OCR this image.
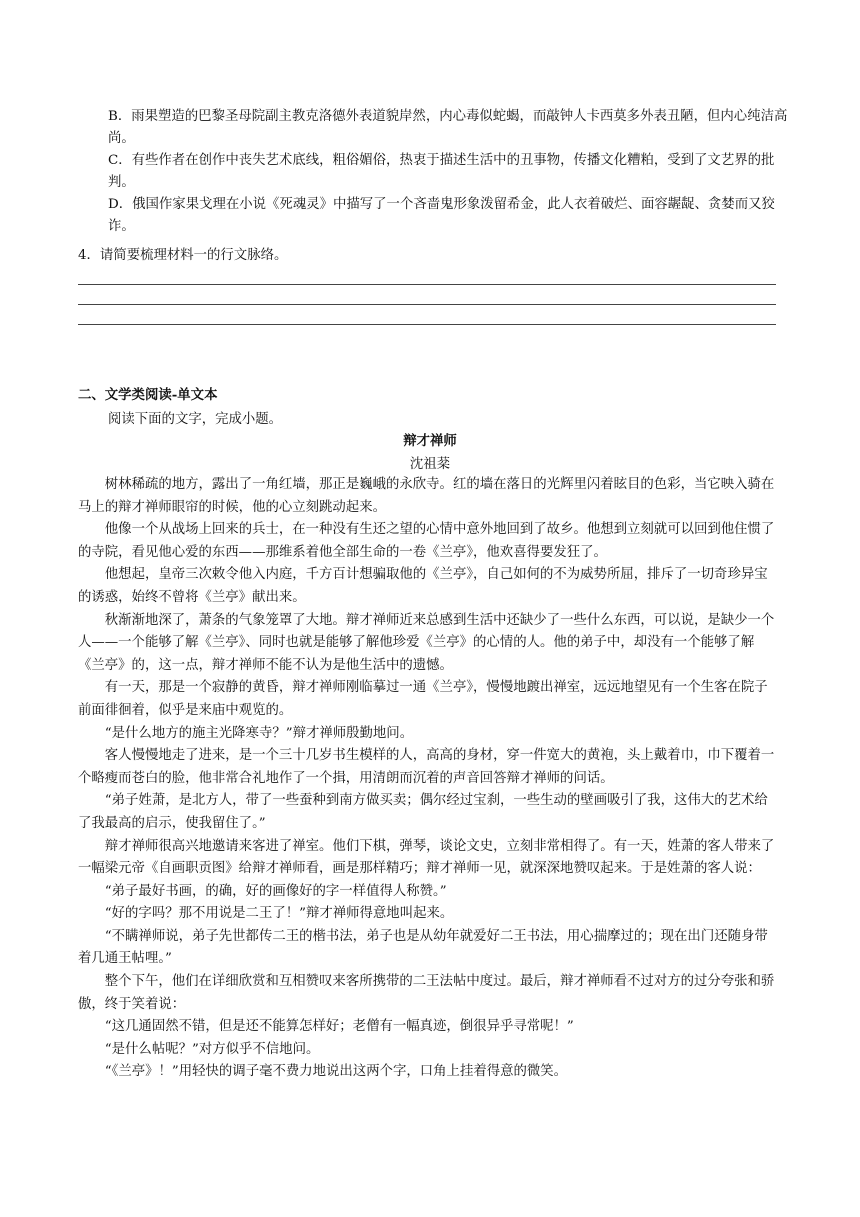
B．雨果塑造的巴黎圣母院副主教克洛德外表道貌岸然，内心毒似蛇蝎，而敲钟人卡西莫多外表丑陋，但内心纯洁高尚。
C．有些作者在创作中丧失艺术底线，粗俗媚俗，热衷于描述生活中的丑事物，传播文化糟粕，受到了文艺界的批判。
D．俄国作家果戈理在小说《死魂灵》中描写了一个吝啬鬼形象泼留希金，此人衣着破烂、面容龌龊、贪婪而又狡诈。
4．请简要梳理材料一的行文脉络。
二、文学类阅读-单文本
阅读下面的文字，完成小题。
辩才禅师
沈祖棻

树林稀疏的地方，露出了一角红墙，那正是巍峨的永欣寺。红的墙在落日的光辉里闪着眩目的色彩，当它映入骑在马上的辩才禅师眼帘的时候，他的心立刻跳动起来。

他像一个从战场上回来的兵士，在一种没有生还之望的心情中意外地回到了故乡。他想到立刻就可以回到他住惯了的寺院，看见他心爱的东西——那维系着他全部生命的一卷《兰亭》，他欢喜得要发狂了。

他想起，皇帝三次敕令他入内庭，千方百计想骗取他的《兰亭》，自己如何的不为威势所屈，排斥了一切奇珍异宝的诱惑，始终不曾将《兰亭》献出来。

秋渐渐地深了，萧条的气象笼罩了大地。辩才禅师近来总感到生活中还缺少了一些什么东西，可以说，是缺少一个人——一个能够了解《兰亭》、同时也就是能够了解他珍爱《兰亭》的心情的人。他的弟子中，却没有一个能够了解《兰亭》的，这一点，辩才禅师不能不认为是他生活中的遗憾。

有一天，那是一个寂静的黄昏，辩才禅师刚临摹过一通《兰亭》，慢慢地踱出禅室，远远地望见有一个生客在院子前面徘徊着，似乎是来庙中观览的。

“是什么地方的施主光降寒寺？”辩才禅师殷勤地问。

客人慢慢地走了进来，是一个三十几岁书生模样的人，高高的身材，穿一件宽大的黄袍，头上戴着巾，巾下覆着一个略瘦而苍白的脸，他非常合礼地作了一个揖，用清朗而沉着的声音回答辩才禅师的问话。

“弟子姓萧，是北方人，带了一些蚕种到南方做买卖；偶尔经过宝刹，一些生动的壁画吸引了我，这伟大的艺术给了我最高的启示，使我留住了。”

辩才禅师很高兴地邀请来客进了禅室。他们下棋，弹琴，谈论文史，立刻非常相得了。有一天，姓萧的客人带来了一幅梁元帝《自画职贡图》给辩才禅师看，画是那样精巧；辩才禅师一见，就深深地赞叹起来。于是姓萧的客人说：

“弟子最好书画，的确，好的画像好的字一样值得人称赞。”

“好的字吗？那不用说是二王了！”辩才禅师得意地叫起来。

“不瞒禅师说，弟子先世都传二王的楷书法，弟子也是从幼年就爱好二王书法，用心揣摩过的；现在出门还随身带着几通王帖哩。”

整个下午，他们在详细欣赏和互相赞叹来客所携带的二王法帖中度过。最后，辩才禅师看不过对方的过分夸张和骄傲，终于笑着说：

“这几通固然不错，但是还不能算怎样好；老僧有一幅真迹，倒很异乎寻常呢！”

“是什么帖呢？”对方似乎不信地问。

“《兰亭》！”用轻快的调子毫不费力地说出这两个字，口角上挂着得意的微笑。
